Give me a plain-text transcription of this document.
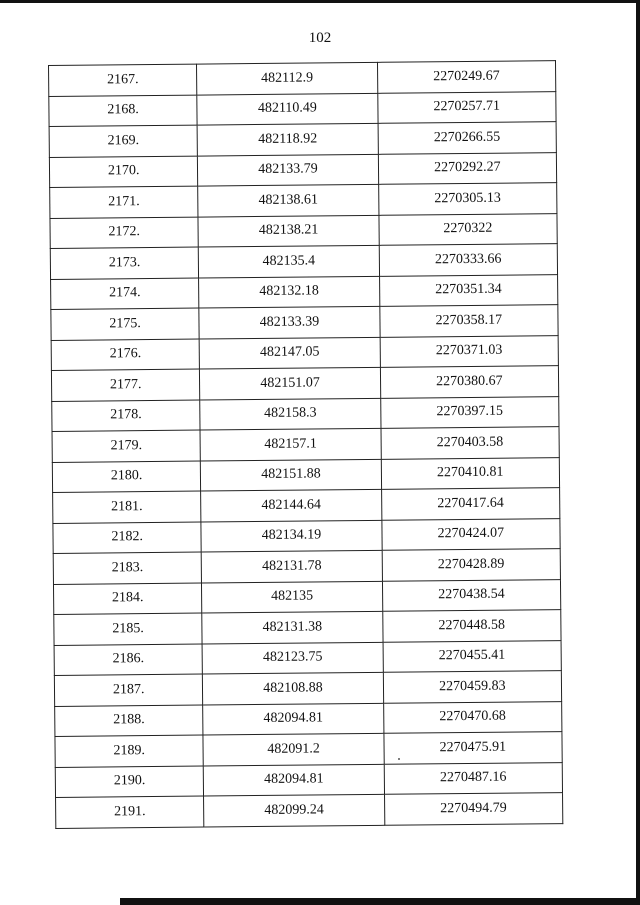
102
2167.	482112.9	2270249.67
2168.	482110.49	2270257.71
2169.	482118.92	2270266.55
2170.	482133.79	2270292.27
2171.	482138.61	2270305.13
2172.	482138.21	2270322
2173.	482135.4	2270333.66
2174.	482132.18	2270351.34
2175.	482133.39	2270358.17
2176.	482147.05	2270371.03
2177.	482151.07	2270380.67
2178.	482158.3	2270397.15
2179.	482157.1	2270403.58
2180.	482151.88	2270410.81
2181.	482144.64	2270417.64
2182.	482134.19	2270424.07
2183.	482131.78	2270428.89
2184.	482135	2270438.54
2185.	482131.38	2270448.58
2186.	482123.75	2270455.41
2187.	482108.88	2270459.83
2188.	482094.81	2270470.68
2189.	482091.2	2270475.91
2190.	482094.81	2270487.16
2191.	482099.24	2270494.79
